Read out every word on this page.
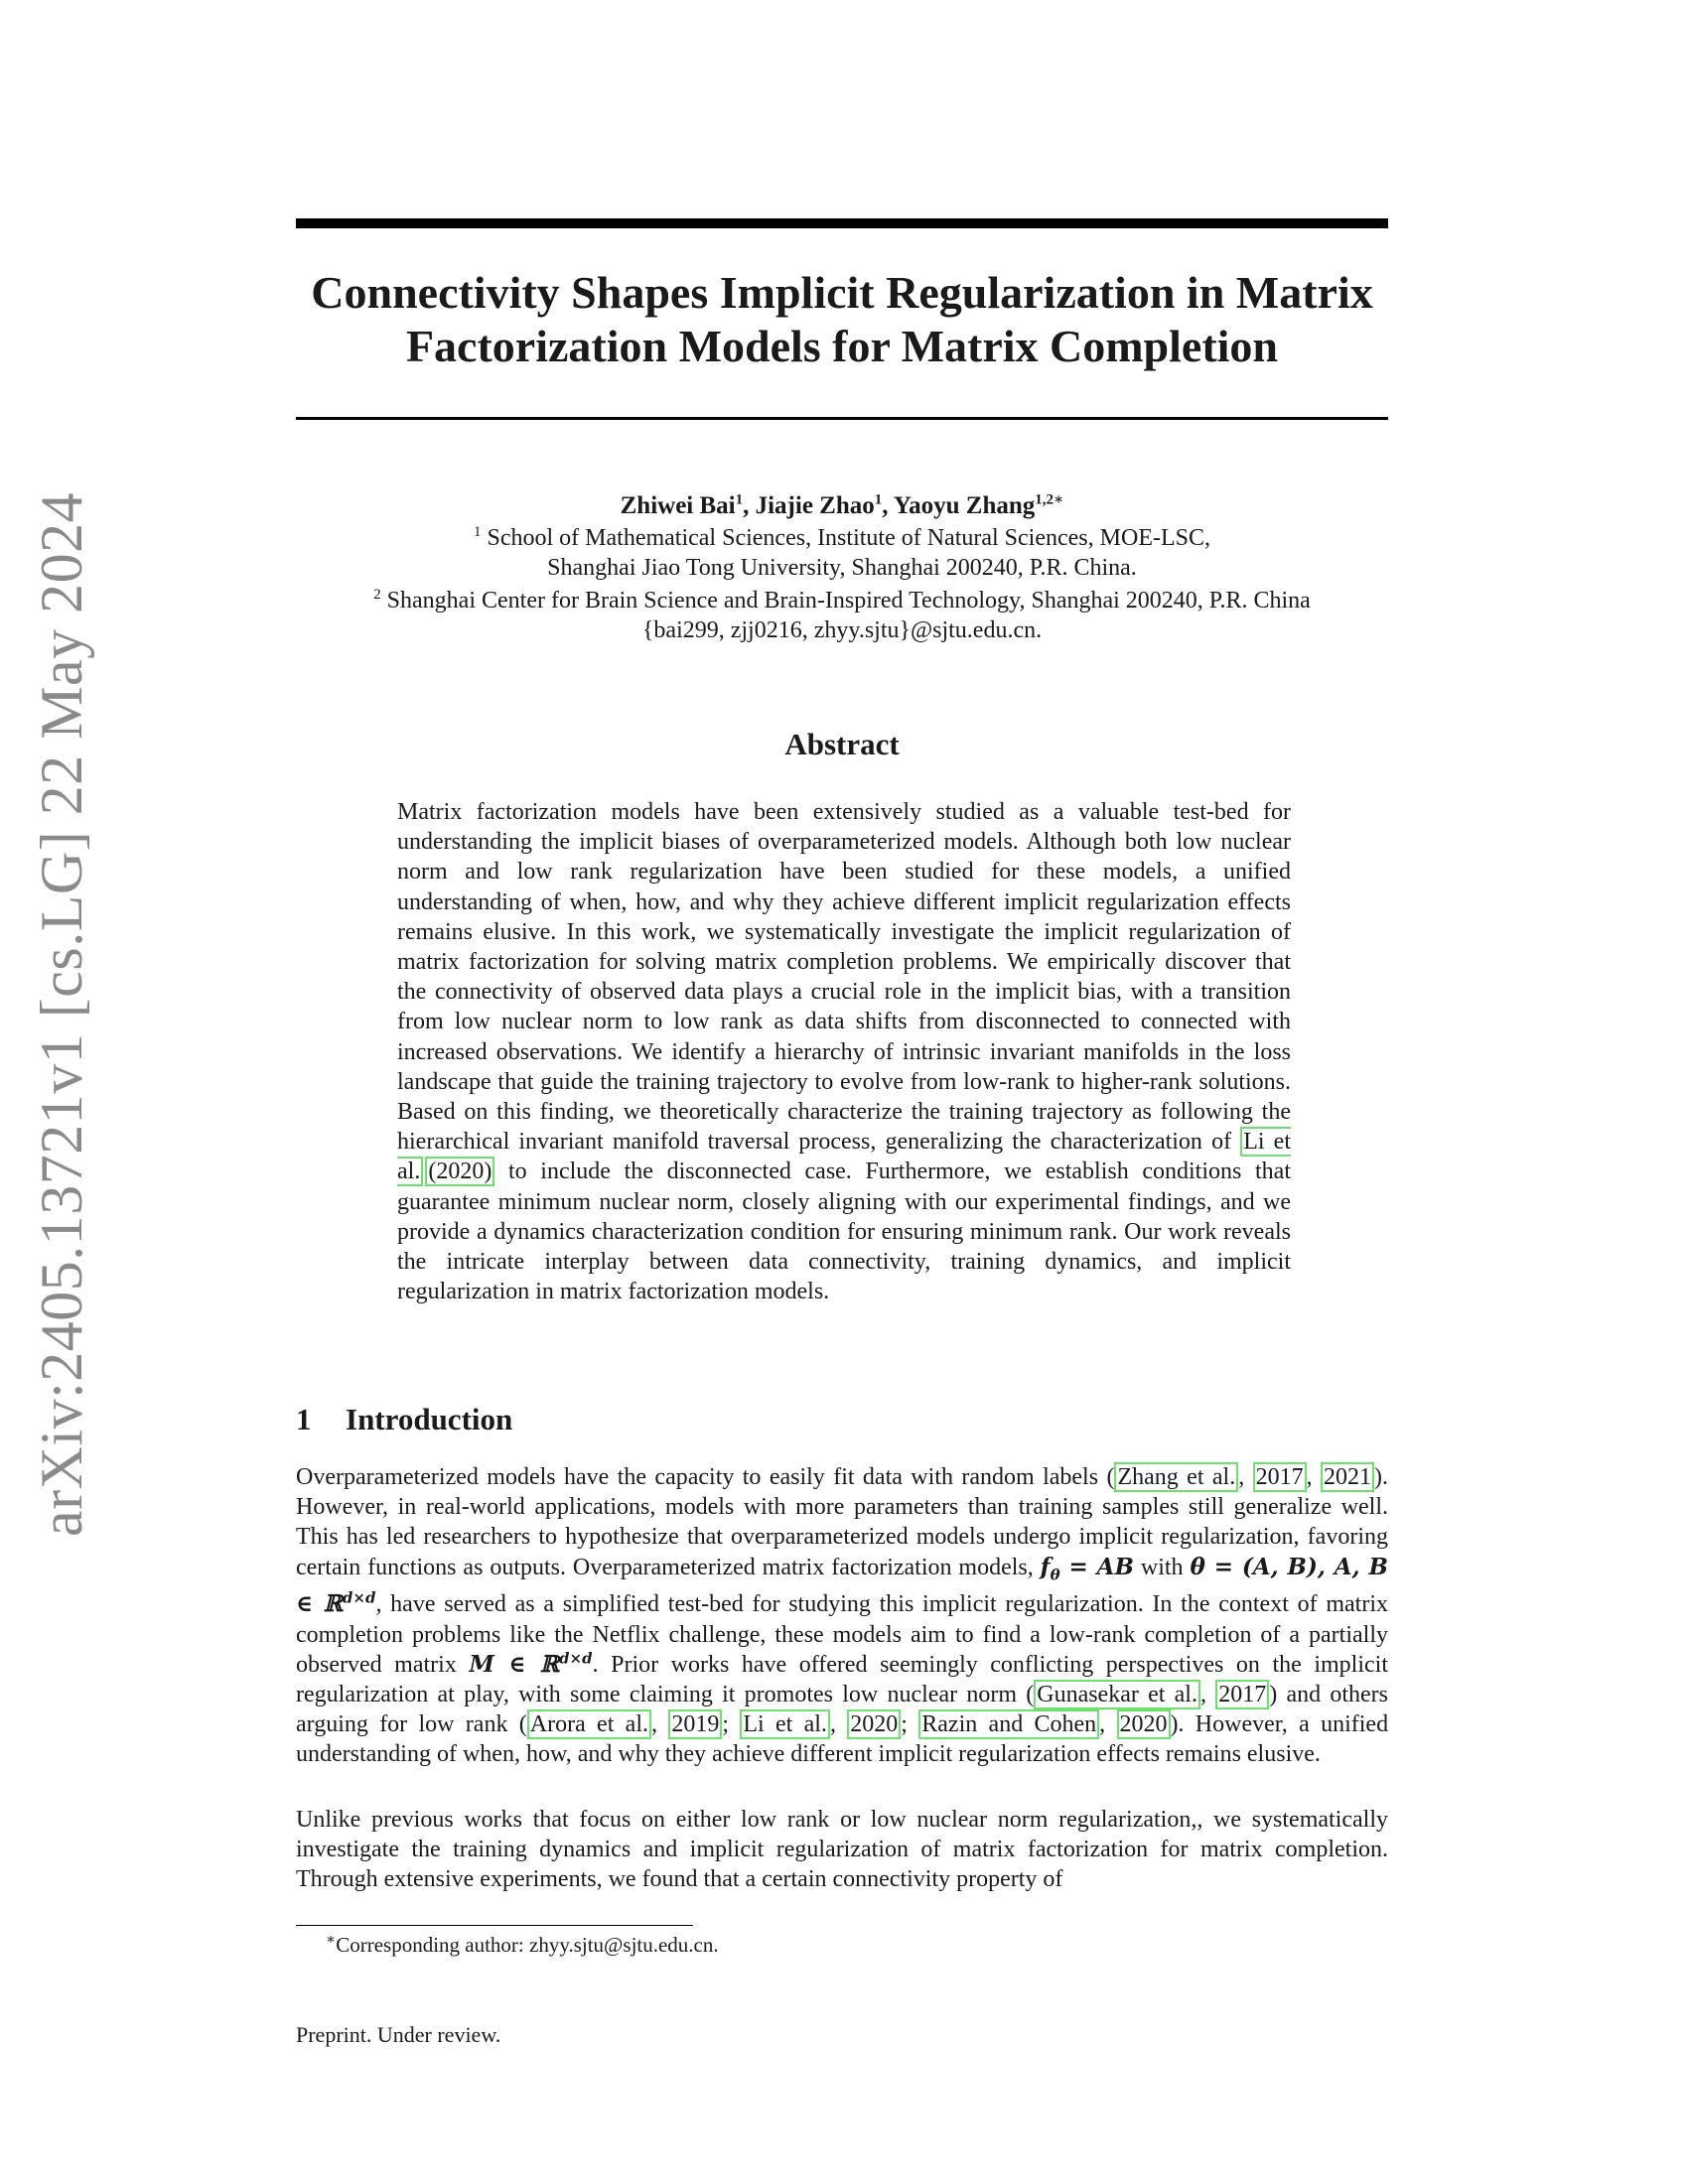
arXiv:2405.13721v1 [cs.LG] 22 May 2024
Connectivity Shapes Implicit Regularization in Matrix
Factorization Models for Matrix Completion
Zhiwei Bai$^1$, Jiajie Zhao$^1$, Yaoyu Zhang$^{1,2∗}$
$^1$ School of Mathematical Sciences, Institute of Natural Sciences, MOE-LSC,
Shanghai Jiao Tong University, Shanghai 200240, P.R. China.
$^2$ Shanghai Center for Brain Science and Brain-Inspired Technology, Shanghai 200240, P.R. China
{bai299, zjj0216, zhyy.sjtu}@sjtu.edu.cn.
Abstract

Matrix factorization models have been extensively studied as a valuable test-bed for understanding the implicit biases of overparameterized models. Although both low nuclear norm and low rank regularization have been studied for these models, a unified understanding of when, how, and why they achieve different implicit regularization effects remains elusive. In this work, we systematically investigate the implicit regularization of matrix factorization for solving matrix completion problems. We empirically discover that the connectivity of observed data plays a crucial role in the implicit bias, with a transition from low nuclear norm to low rank as data shifts from disconnected to connected with increased observations. We identify a hierarchy of intrinsic invariant manifolds in the loss landscape that guide the training trajectory to evolve from low-rank to higher-rank solutions. Based on this finding, we theoretically characterize the training trajectory as following the hierarchical invariant manifold traversal process, generalizing the characterization of Li et al.  (2020) to include the disconnected case. Furthermore, we establish conditions that guarantee minimum nuclear norm, closely aligning with our experimental findings, and we provide a dynamics characterization condition for ensuring minimum rank. Our work reveals the intricate interplay between data connectivity, training dynamics, and implicit regularization in matrix factorization models.

1 Introduction

Overparameterized models have the capacity to easily fit data with random labels ( Zhang et al. , 2017 , 2021 ). However, in real-world applications, models with more parameters than training samples still generalize well. This has led researchers to hypothesize that overparameterized models undergo implicit regularization, favoring certain functions as outputs. Overparameterized matrix factorization models, $f_\theta$ = AB with θ = (A, B), A, B ∈ ℝ$^{d\times d}$, have served as a simplified test-bed for studying this implicit regularization. In the context of matrix completion problems like the Netflix challenge, these models aim to find a low-rank completion of a partially observed matrix M ∈ ℝ$^{d\times d}$. Prior works have offered seemingly conflicting perspectives on the implicit regularization at play, with some claiming it promotes low nuclear norm ( Gunasekar et al. , 2017 ) and others arguing for low rank ( Arora et al. , 2019 ; Li et al. , 2020 ; Razin and Cohen , 2020 ). However, a unified understanding of when, how, and why they achieve different implicit regularization effects remains elusive.

Unlike previous works that focus on either low rank or low nuclear norm regularization,, we systematically investigate the training dynamics and implicit regularization of matrix factorization for matrix completion. Through extensive experiments, we found that a certain connectivity property of

∗Corresponding author: zhyy.sjtu@sjtu.edu.cn.
Preprint. Under review.
